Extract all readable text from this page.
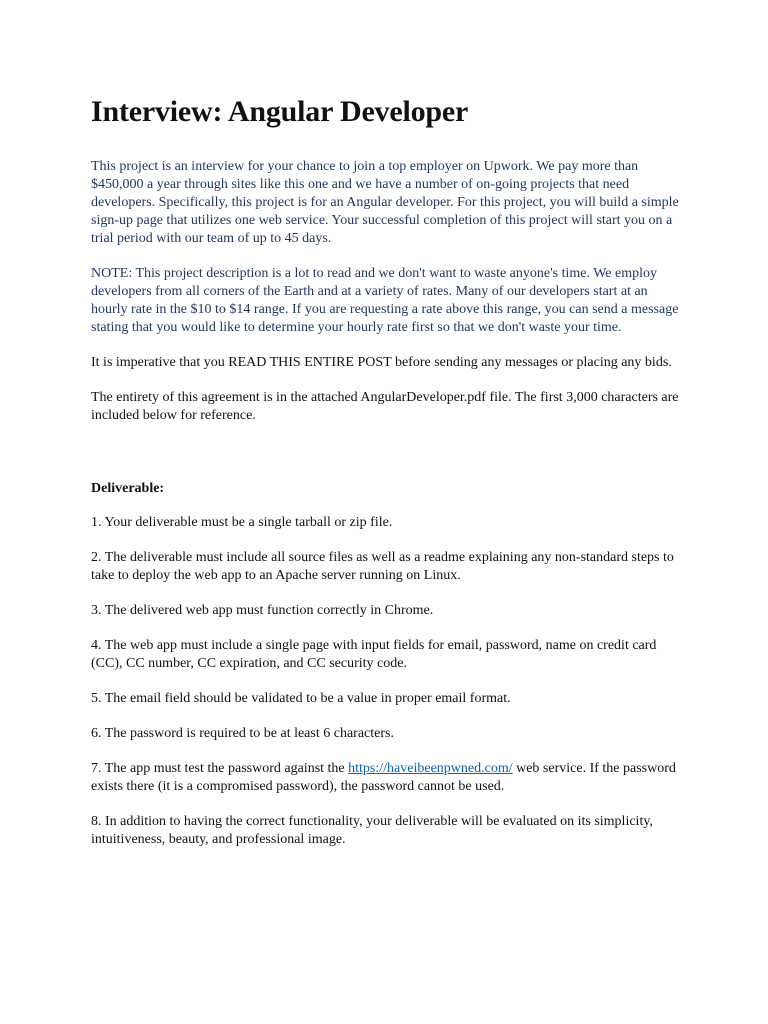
Interview: Angular Developer

This project is an interview for your chance to join a top employer on Upwork. We pay more than $450,000 a year through sites like this one and we have a number of on-going projects that need developers. Specifically, this project is for an Angular developer. For this project, you will build a simple sign-up page that utilizes one web service. Your successful completion of this project will start you on a trial period with our team of up to 45 days.

NOTE: This project description is a lot to read and we don't want to waste anyone's time. We employ developers from all corners of the Earth and at a variety of rates. Many of our developers start at an hourly rate in the $10 to $14 range. If you are requesting a rate above this range, you can send a message stating that you would like to determine your hourly rate first so that we don't waste your time.

It is imperative that you READ THIS ENTIRE POST before sending any messages or placing any bids.

The entirety of this agreement is in the attached AngularDeveloper.pdf file. The first 3,000 characters are included below for reference.

Deliverable:

1. Your deliverable must be a single tarball or zip file.

2. The deliverable must include all source files as well as a readme explaining any non-standard steps to take to deploy the web app to an Apache server running on Linux.

3. The delivered web app must function correctly in Chrome.

4. The web app must include a single page with input fields for email, password, name on credit card (CC), CC number, CC expiration, and CC security code.

5. The email field should be validated to be a value in proper email format.

6. The password is required to be at least 6 characters.

7. The app must test the password against the https://haveibeenpwned.com/ web service. If the password exists there (it is a compromised password), the password cannot be used.

8. In addition to having the correct functionality, your deliverable will be evaluated on its simplicity, intuitiveness, beauty, and professional image.
